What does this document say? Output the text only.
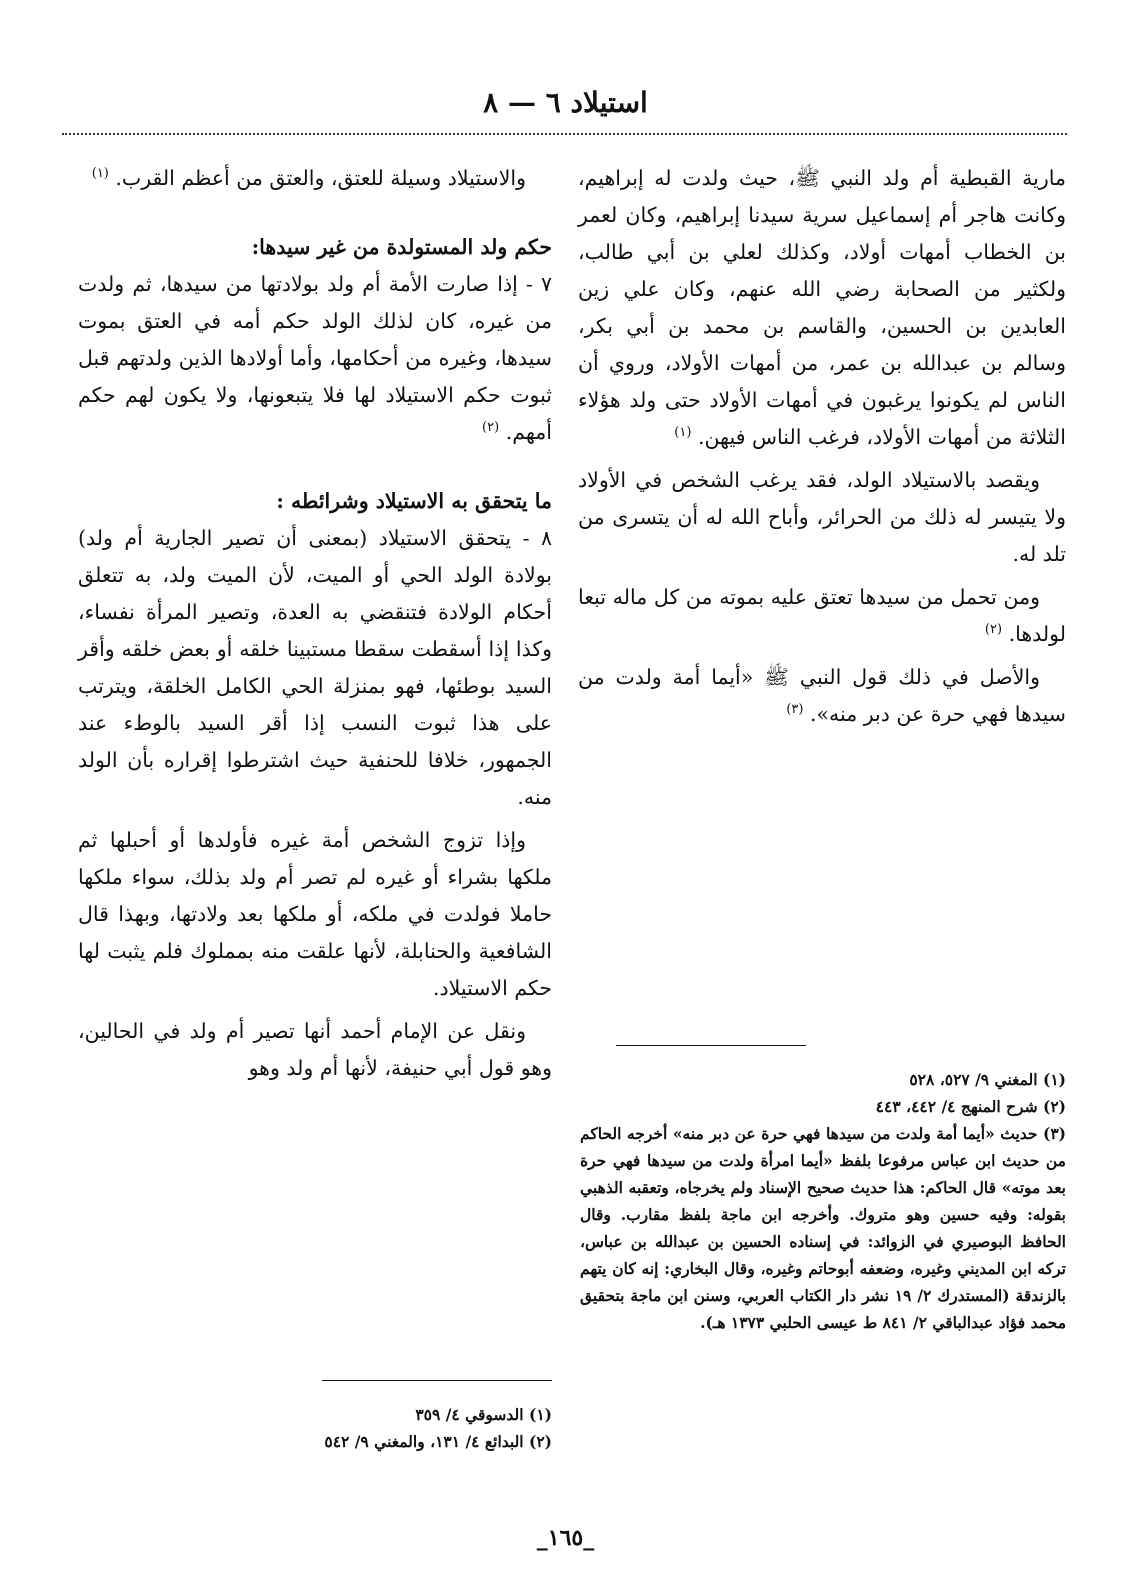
استيلاد ٦ — ٨

مارية القبطية أم ولد النبي ﷺ، حيث ولدت له إبراهيم، وكانت هاجر أم إسماعيل سرية سيدنا إبراهيم، وكان لعمر بن الخطاب أمهات أولاد، وكذلك لعلي بن أبي طالب، ولكثير من الصحابة رضي الله عنهم، وكان علي زين العابدين بن الحسين، والقاسم بن محمد بن أبي بكر، وسالم بن عبدالله بن عمر، من أمهات الأولاد، وروي أن الناس لم يكونوا يرغبون في أمهات الأولاد حتى ولد هؤلاء الثلاثة من أمهات الأولاد، فرغب الناس فيهن. $^{(١)}$

ويقصد بالاستيلاد الولد، فقد يرغب الشخص في الأولاد ولا يتيسر له ذلك من الحرائر، وأباح الله له أن يتسرى من تلد له.

ومن تحمل من سيدها تعتق عليه بموته من كل ماله تبعا لولدها. $^{(٢)}$

والأصل في ذلك قول النبي ﷺ «أيما أمة ولدت من سيدها فهي حرة عن دبر منه». $^{(٣)}$

(١) المغني ٩/ ٥٢٧، ٥٢٨

(٢) شرح المنهج ٤/ ٤٤٢، ٤٤٣

(٣) حديث «أيما أمة ولدت من سيدها فهي حرة عن دبر منه» أخرجه الحاكم من حديث ابن عباس مرفوعا بلفظ «أيما امرأة ولدت من سيدها فهي حرة بعد موته» قال الحاكم: هذا حديث صحيح الإسناد ولم يخرجاه، وتعقبه الذهبي بقوله: وفيه حسين وهو متروك. وأخرجه ابن ماجة بلفظ مقارب. وقال الحافظ البوصيري في الزوائد: في إسناده الحسين بن عبدالله بن عباس، تركه ابن المديني وغيره، وضعفه أبوحاتم وغيره، وقال البخاري: إنه كان يتهم بالزندقة (المستدرك ٢/ ١٩ نشر دار الكتاب العربي، وسنن ابن ماجة بتحقيق محمد فؤاد عبدالباقي ٢/ ٨٤١ ط عيسى الحلبي ١٣٧٣ هـ).

والاستيلاد وسيلة للعتق، والعتق من أعظم القرب. $^{(١)}$

حكم ولد المستولدة من غير سيدها:

٧ - إذا صارت الأمة أم ولد بولادتها من سيدها، ثم ولدت من غيره، كان لذلك الولد حكم أمه في العتق بموت سيدها، وغيره من أحكامها، وأما أولادها الذين ولدتهم قبل ثبوت حكم الاستيلاد لها فلا يتبعونها، ولا يكون لهم حكم أمهم. $^{(٢)}$

ما يتحقق به الاستيلاد وشرائطه :

٨ - يتحقق الاستيلاد (بمعنى أن تصير الجارية أم ولد) بولادة الولد الحي أو الميت، لأن الميت ولد، به تتعلق أحكام الولادة فتنقضي به العدة، وتصير المرأة نفساء، وكذا إذا أسقطت سقطا مستبينا خلقه أو بعض خلقه وأقر السيد بوطئها، فهو بمنزلة الحي الكامل الخلقة، ويترتب على هذا ثبوت النسب إذا أقر السيد بالوطء عند الجمهور، خلافا للحنفية حيث اشترطوا إقراره بأن الولد منه.

وإذا تزوج الشخص أمة غيره فأولدها أو أحبلها ثم ملكها بشراء أو غيره لم تصر أم ولد بذلك، سواء ملكها حاملا فولدت في ملكه، أو ملكها بعد ولادتها، وبهذا قال الشافعية والحنابلة، لأنها علقت منه بمملوك فلم يثبت لها حكم الاستيلاد.

ونقل عن الإمام أحمد أنها تصير أم ولد في الحالين، وهو قول أبي حنيفة، لأنها أم ولد وهو

(١) الدسوقي ٤/ ٣٥٩

(٢) البدائع ٤/ ١٣١، والمغني ٩/ ٥٤٢

_١٦٥_
